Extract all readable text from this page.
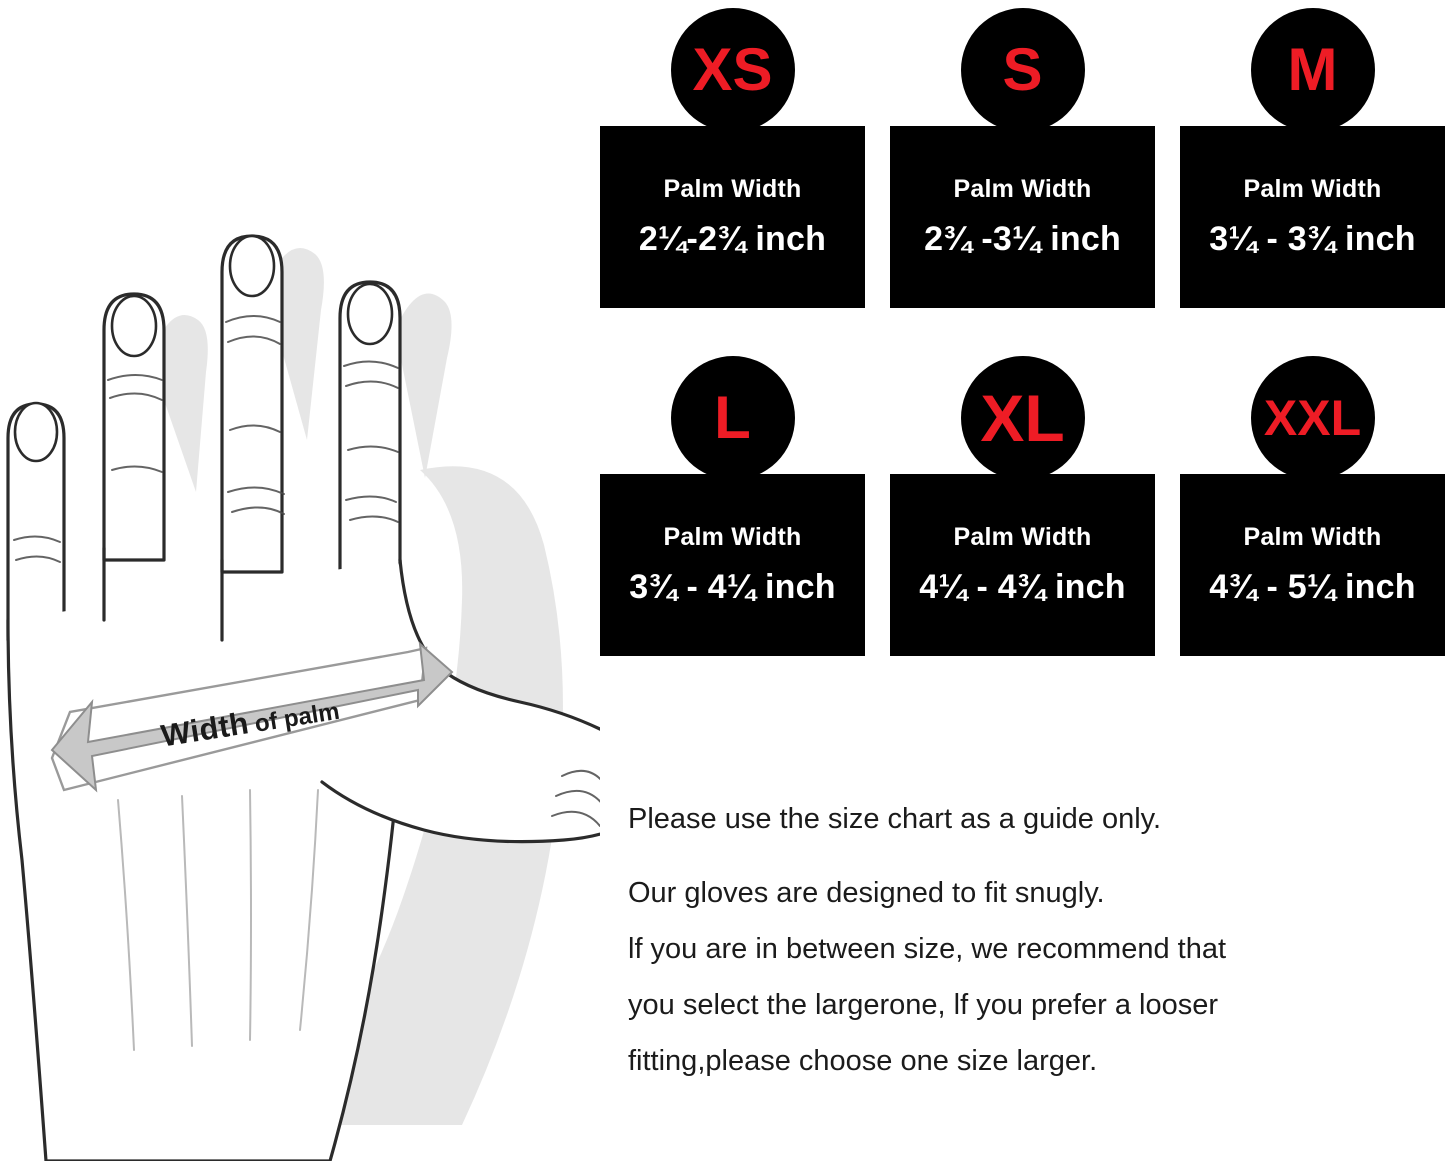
Widthof palm
XS
Palm Width
2¼-2¾ inch
S
Palm Width
2¾ -3¼ inch
M
Palm Width
3¼ - 3¾ inch
L
Palm Width
3¾ - 4¼ inch
XL
Palm Width
4¼ - 4¾ inch
XXL
Palm Width
4¾ - 5¼ inch

Please use the size chart as a guide only.

Our gloves are designed to fit snugly.

lf you are in between size, we recommend that

you select the largerone, lf you prefer a looser

fitting,please choose one size larger.
